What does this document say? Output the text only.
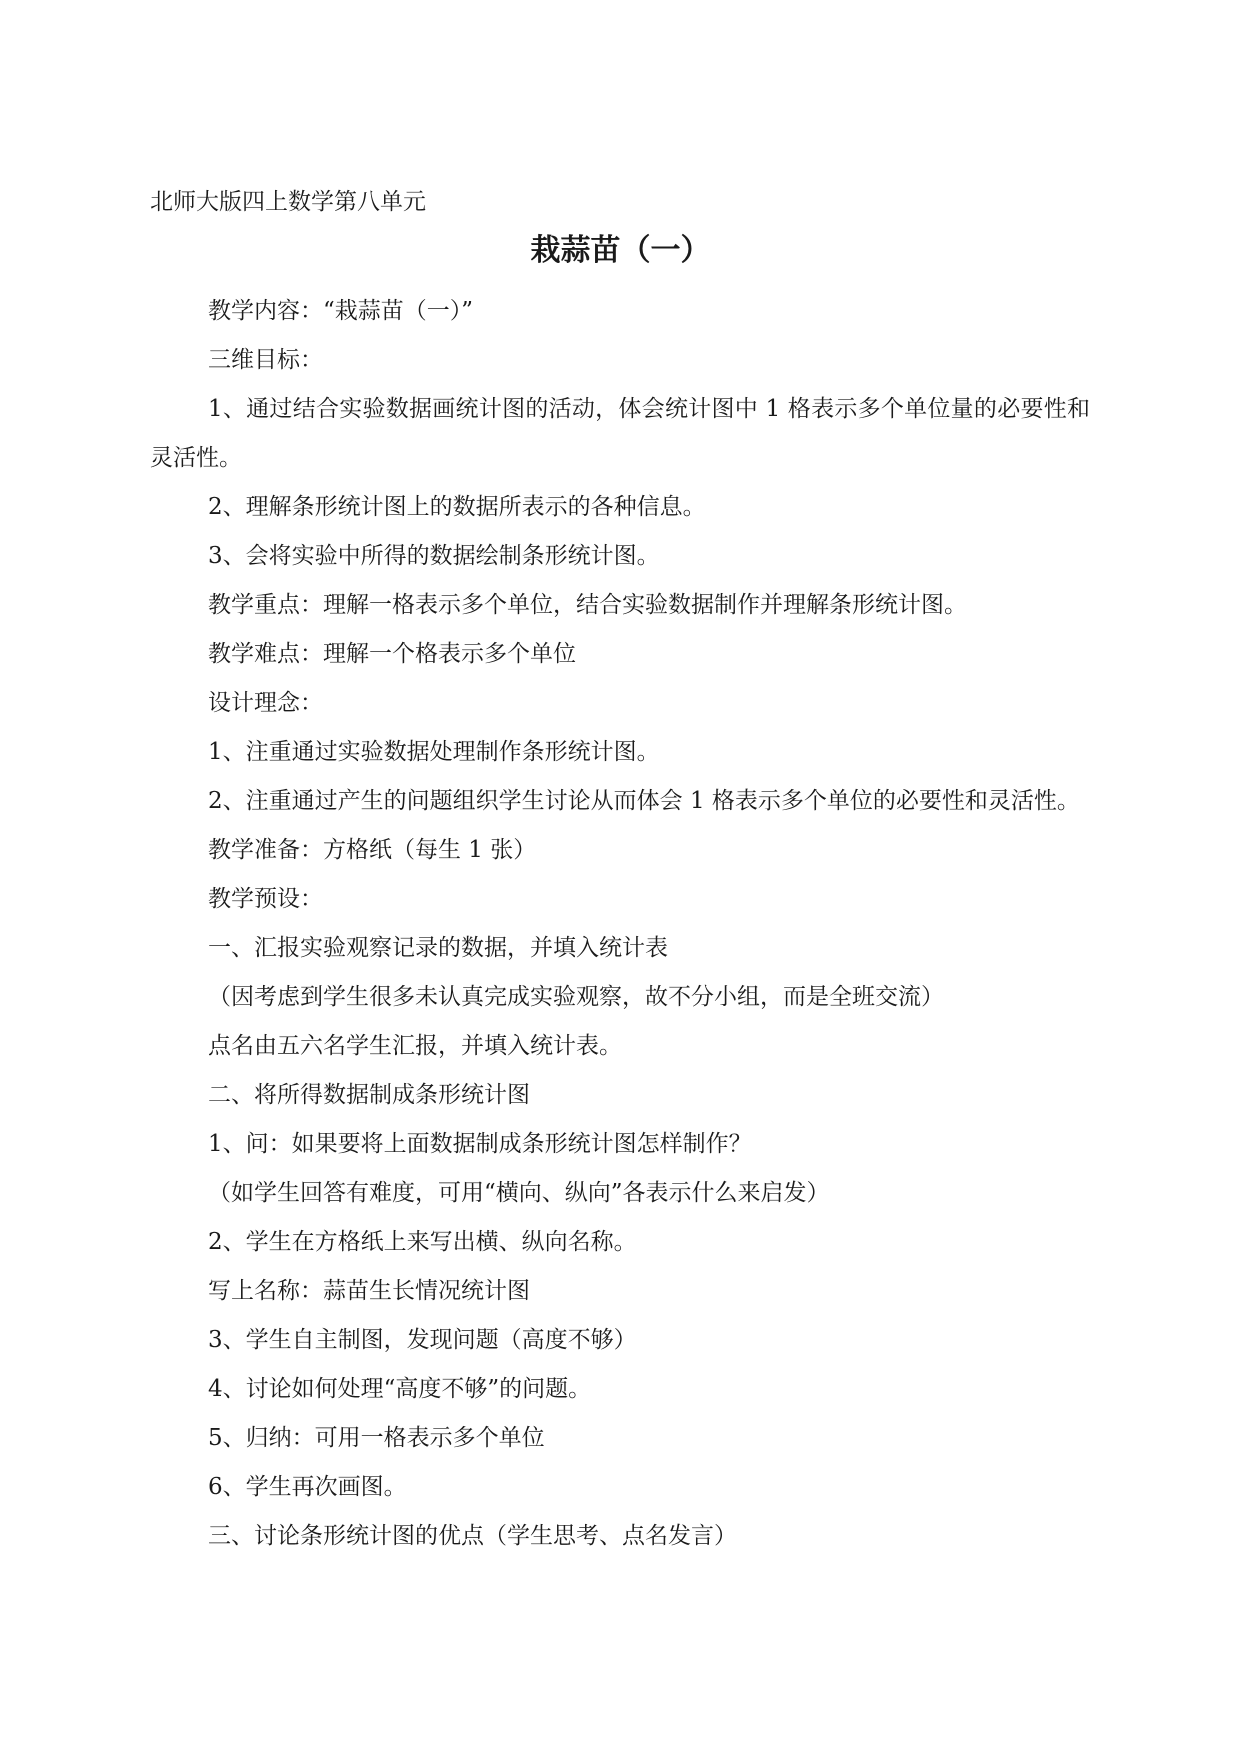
北师大版四上数学第八单元
栽蒜苗（一）

教学内容：“栽蒜苗（一）”

三维目标：

1、通过结合实验数据画统计图的活动，体会统计图中 1 格表示多个单位量的必要性和灵活性。

2、理解条形统计图上的数据所表示的各种信息。

3、会将实验中所得的数据绘制条形统计图。

教学重点：理解一格表示多个单位，结合实验数据制作并理解条形统计图。

教学难点：理解一个格表示多个单位

设计理念：

1、注重通过实验数据处理制作条形统计图。

2、注重通过产生的问题组织学生讨论从而体会 1 格表示多个单位的必要性和灵活性。

教学准备：方格纸（每生 1 张）

教学预设：

一、汇报实验观察记录的数据，并填入统计表

（因考虑到学生很多未认真完成实验观察，故不分小组，而是全班交流）

点名由五六名学生汇报，并填入统计表。

二、将所得数据制成条形统计图

1、问：如果要将上面数据制成条形统计图怎样制作？

（如学生回答有难度，可用“横向、纵向”各表示什么来启发）

2、学生在方格纸上来写出横、纵向名称。

写上名称：蒜苗生长情况统计图

3、学生自主制图，发现问题（高度不够）

4、讨论如何处理“高度不够”的问题。

5、归纳：可用一格表示多个单位

6、学生再次画图。

三、讨论条形统计图的优点（学生思考、点名发言）
